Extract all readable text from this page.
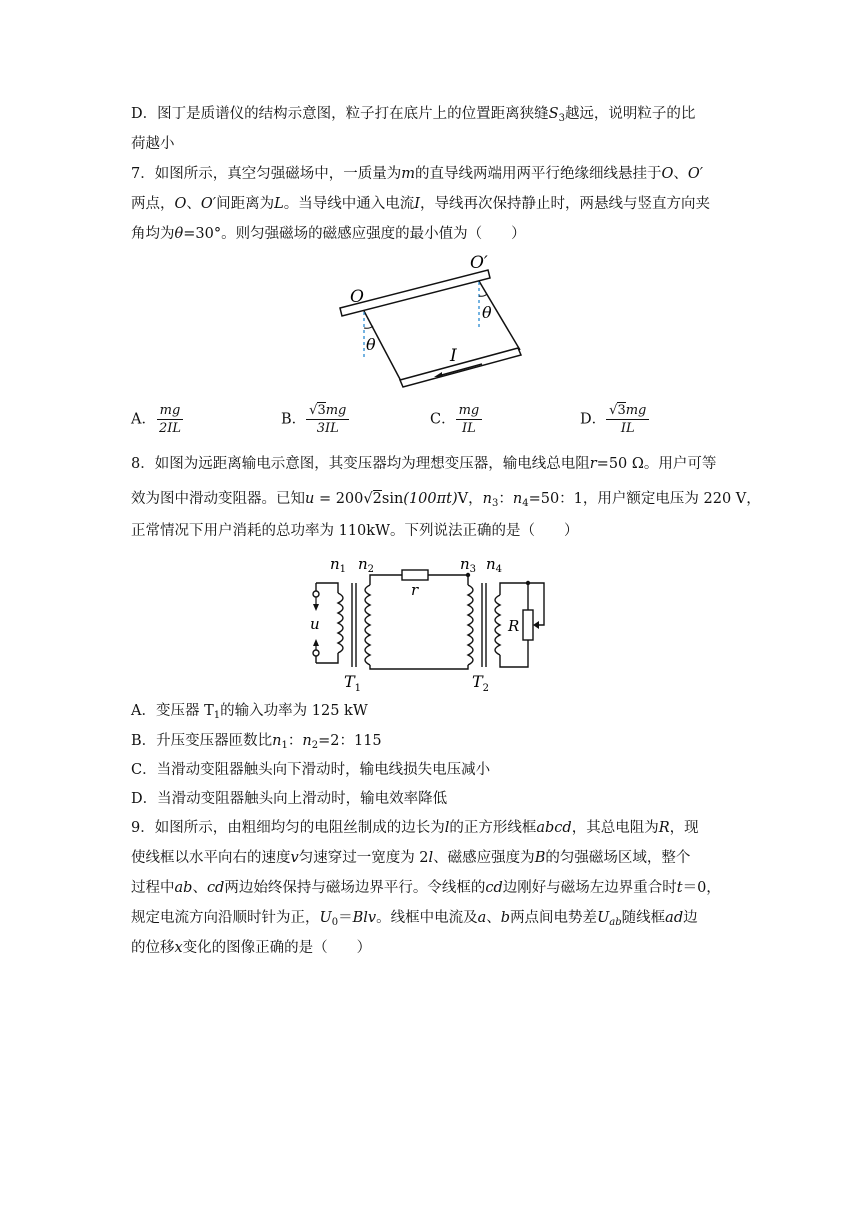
D．图丁是质谱仪的结构示意图，粒子打在底片上的位置距离狭缝$S_3$越远，说明粒子的比
荷越小
7．如图所示，真空匀强磁场中，一质量为m的直导线两端用两平行绝缘细线悬挂于O、O′
两点，O、O′间距离为L。当导线中通入电流I，导线再次保持静止时，两悬线与竖直方向夹
角均为θ=30°。则匀强磁场的磁感应强度的最小值为（　　）
O
O′
θ
θ
I
A． $\frac{mg}{2IL}$	B． $\frac{√3mg}{3IL}$	C． $\frac{mg}{IL}$	D． $\frac{√3mg}{IL}$
8．如图为远距离输电示意图，其变压器均为理想变压器，输电线总电阻r=50 Ω。用户可等
效为图中滑动变阻器。已知u = 200√2sin(100πt)V，$n_3$：$n_4=50$：1，用户额定电压为 220 V，
正常情况下用户消耗的总功率为 110kW。下列说法正确的是（　　）
$n_1$ $n_2$	$n_3$ $n_4$
r
u	R
$T_1$	$T_2$
A．变压器 $T_1$的输入功率为 125 kW
B．升压变压器匝数比$n_1$：$n_2=2$：115
C．当滑动变阻器触头向下滑动时，输电线损失电压减小
D．当滑动变阻器触头向上滑动时，输电效率降低
9．如图所示，由粗细均匀的电阻丝制成的边长为l的正方形线框abcd，其总电阻为R，现
使线框以水平向右的速度v匀速穿过一宽度为 2l、磁感应强度为B的匀强磁场区域，整个
过程中ab、cd两边始终保持与磁场边界平行。令线框的cd边刚好与磁场左边界重合时t＝0，
规定电流方向沿顺时针为正，$U_0=Blv$。线框中电流及a、b两点间电势差$U_{ab}$随线框ad边
的位移x变化的图像正确的是（　　）
